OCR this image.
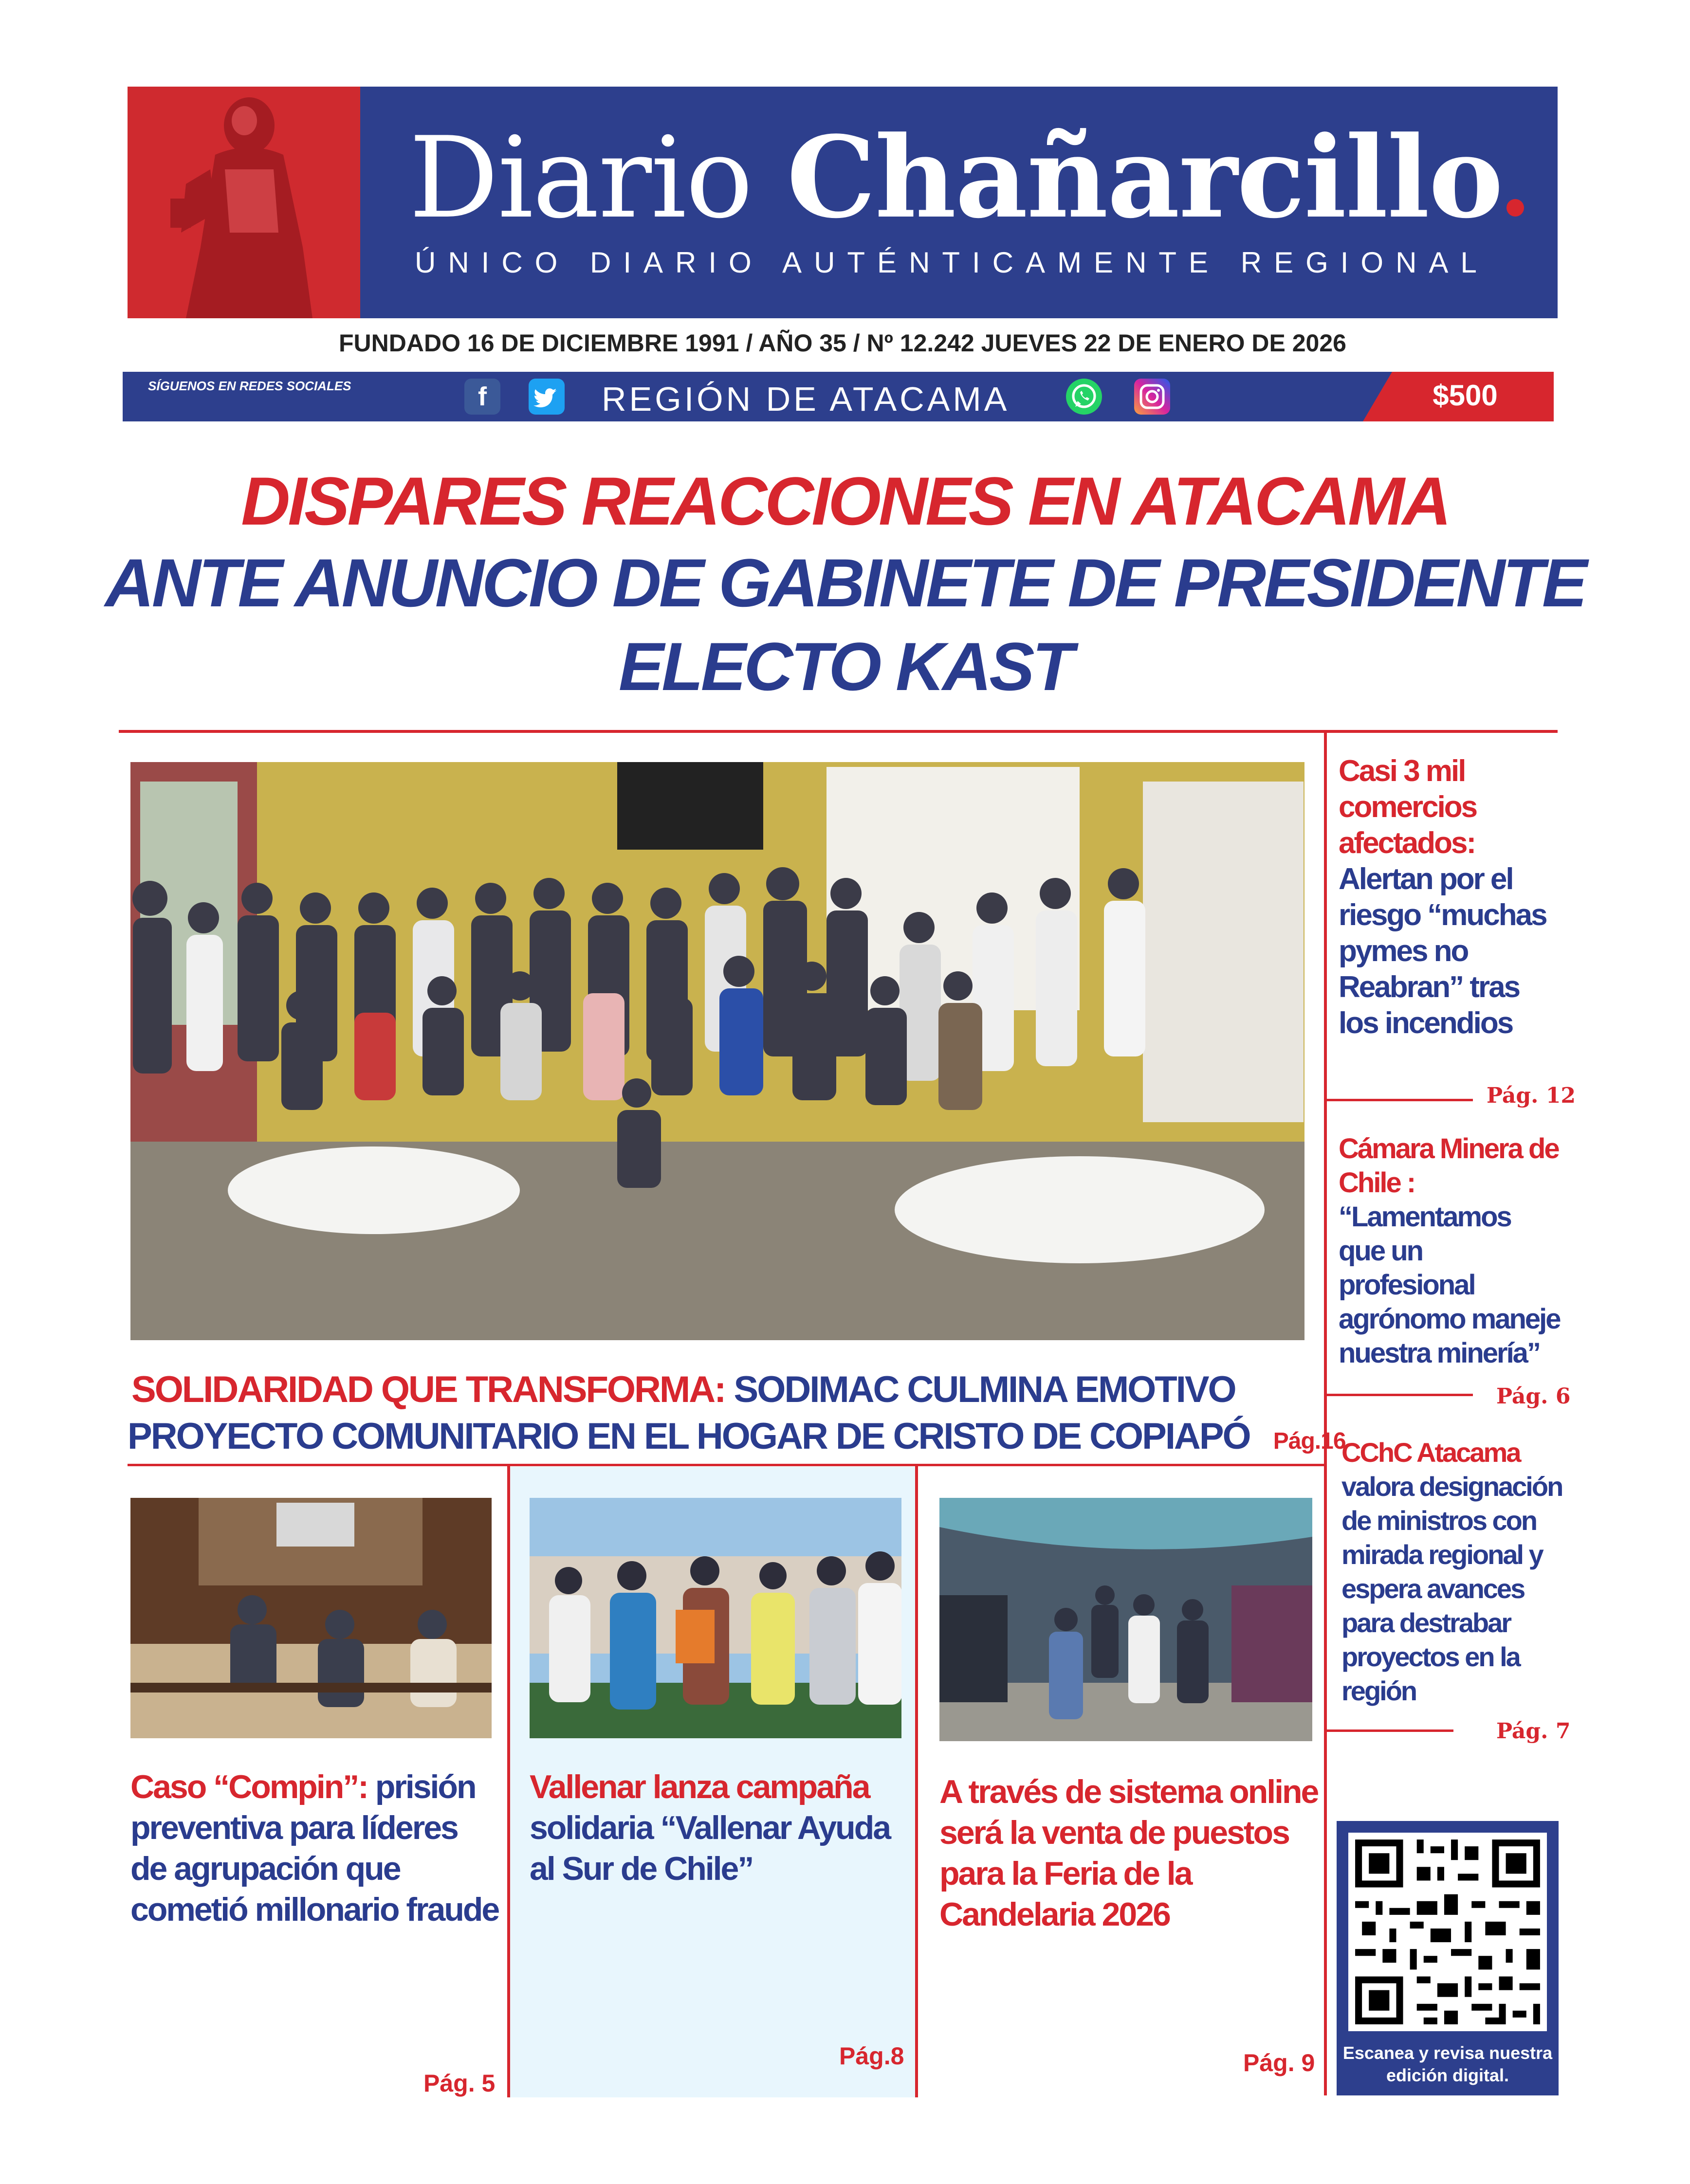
Diario Chañarcillo
ÚNICO DIARIO AUTÉNTICAMENTE REGIONAL
FUNDADO 16 DE DICIEMBRE 1991 / AÑO 35 / Nº 12.242 JUEVES 22 DE ENERO DE 2026
SÍGUENOS EN REDES SOCIALES	f	REGIÓN DE ATACAMA	$500
DISPARES REACCIONES EN ATACAMA
ANTE ANUNCIO DE GABINETE DE PRESIDENTE
ELECTO KAST
Casi 3 mil comercios afectados: Alertan por el riesgo “muchas pymes no Reabran” tras los incendios
Pág. 12
Cámara Minera de Chile : “Lamentamos que un profesional agrónomo maneje nuestra minería”
Pág. 6
CChC Atacama valora designación de ministros con mirada regional y espera avances para destrabar proyectos en la región
Pág. 7
SOLIDARIDAD QUE TRANSFORMA: SODIMAC CULMINA EMOTIVO
PROYECTO COMUNITARIO EN EL HOGAR DE CRISTO DE COPIAPÓ Pág.16
Caso “Compin”: prisión preventiva para líderes de agrupación que cometió millonario fraude
Pág. 5
Vallenar lanza campaña solidaria “Vallenar Ayuda al Sur de Chile”
Pág.8
A través de sistema online será la venta de puestos para la Feria de la Candelaria 2026
Pág. 9	Escanea y revisa nuestra edición digital.
